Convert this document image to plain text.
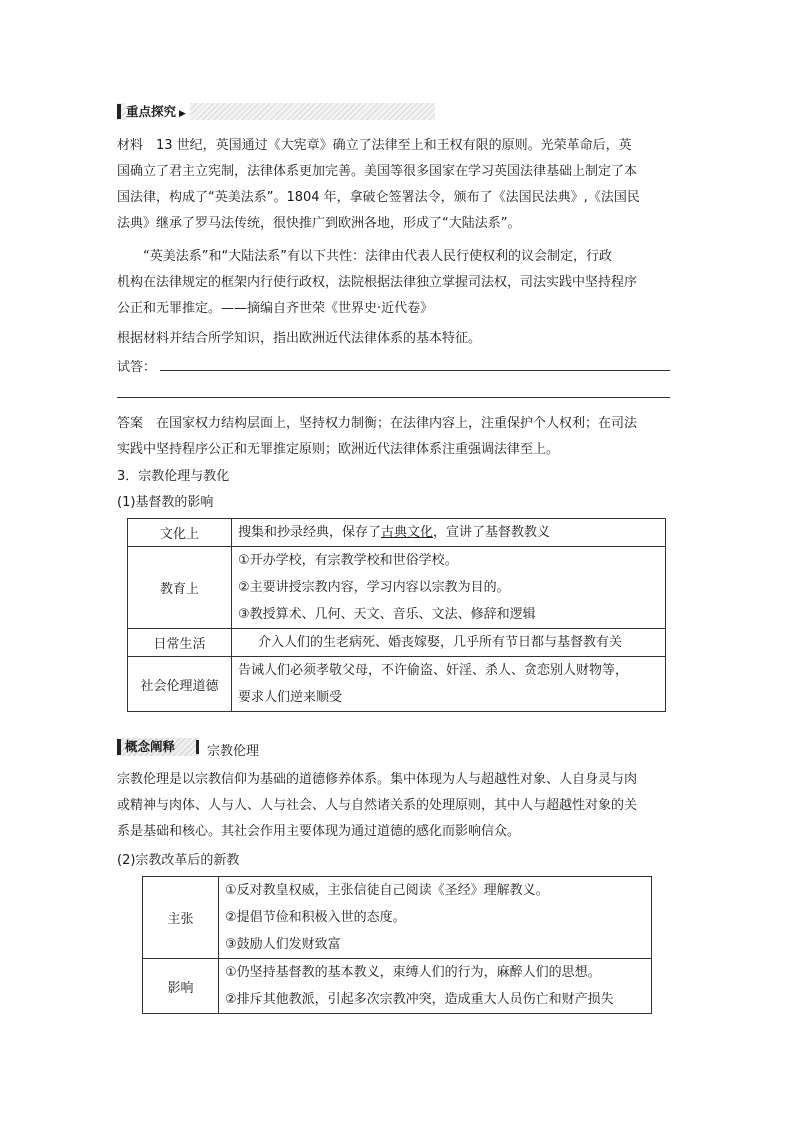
重点探究 ▶
材料　13 世纪，英国通过《大宪章》确立了法律至上和王权有限的原则。光荣革命后，英
国确立了君主立宪制，法律体系更加完善。美国等很多国家在学习英国法律基础上制定了本
国法律，构成了“英美法系”。1804 年，拿破仑签署法令，颁布了《法国民法典》,《法国民
法典》继承了罗马法传统，很快推广到欧洲各地，形成了“大陆法系”。
　　“英美法系”和“大陆法系”有以下共性：法律由代表人民行使权利的议会制定，行政
机构在法律规定的框架内行使行政权，法院根据法律独立掌握司法权，司法实践中坚持程序
公正和无罪推定。——摘编自齐世荣《世界史·近代卷》
根据材料并结合所学知识，指出欧洲近代法律体系的基本特征。
试答：
答案　在国家权力结构层面上，坚持权力制衡；在法律内容上，注重保护个人权利；在司法
实践中坚持程序公正和无罪推定原则；欧洲近代法律体系注重强调法律至上。
3．宗教伦理与教化
(1)基督教的影响
文化上	搜集和抄录经典，保存了古典文化，宣讲了基督教教义

教育上	①开办学校，有宗教学校和世俗学校。
②主要讲授宗教内容，学习内容以宗教为目的。
③教授算术、几何、天文、音乐、文法、修辞和逻辑

日常生活	介入人们的生老病死、婚丧嫁娶，几乎所有节日都与基督教有关

社会伦理道德	告诫人们必须孝敬父母，不许偷盗、奸淫、杀人、贪恋别人财物等，
要求人们逆来顺受
概念阐释 宗教伦理
宗教伦理是以宗教信仰为基础的道德修养体系。集中体现为人与超越性对象、人自身灵与肉
或精神与肉体、人与人、人与社会、人与自然诸关系的处理原则，其中人与超越性对象的关
系是基础和核心。其社会作用主要体现为通过道德的感化而影响信众。
(2)宗教改革后的新教
主张	①反对教皇权威，主张信徒自己阅读《圣经》理解教义。
②提倡节俭和积极入世的态度。
③鼓励人们发财致富

影响	①仍坚持基督教的基本教义，束缚人们的行为，麻醉人们的思想。
②排斥其他教派，引起多次宗教冲突，造成重大人员伤亡和财产损失
